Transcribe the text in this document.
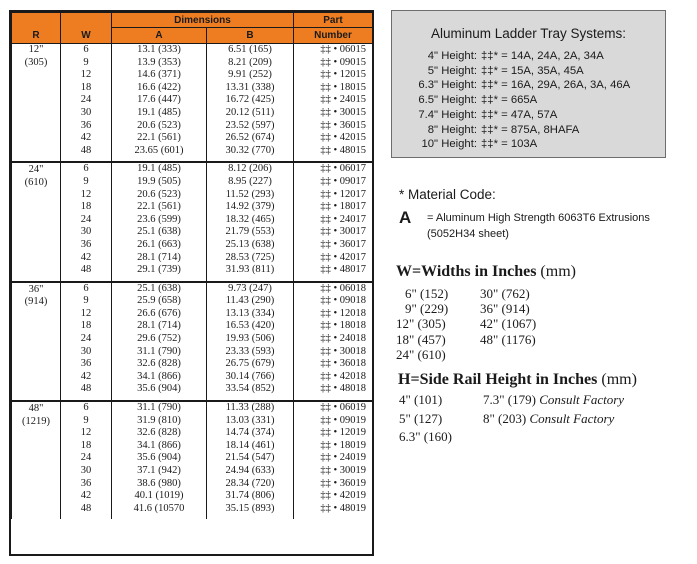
R	W	Dimensions		Part
		A	B	Number

12"
(305)	6	13.1 (333)	6.51 (165)	‡‡ • 06015
	9	13.9 (353)	8.21 (209)	‡‡ • 09015
	12	14.6 (371)	9.91 (252)	‡‡ • 12015
	18	16.6 (422)	13.31 (338)	‡‡ • 18015
	24	17.6 (447)	16.72 (425)	‡‡ • 24015
	30	19.1 (485)	20.12 (511)	‡‡ • 30015
	36	20.6 (523)	23.52 (597)	‡‡ • 36015
	42	22.1 (561)	26.52 (674)	‡‡ • 42015
	48	23.65 (601)	30.32 (770)	‡‡ • 48015

24"
(610)	6	19.1 (485)	8.12 (206)	‡‡ • 06017
	9	19.9 (505)	8.95 (227)	‡‡ • 09017
	12	20.6 (523)	11.52 (293)	‡‡ • 12017
	18	22.1 (561)	14.92 (379)	‡‡ • 18017
	24	23.6 (599)	18.32 (465)	‡‡ • 24017
	30	25.1 (638)	21.79 (553)	‡‡ • 30017
	36	26.1 (663)	25.13 (638)	‡‡ • 36017
	42	28.1 (714)	28.53 (725)	‡‡ • 42017
	48	29.1 (739)	31.93 (811)	‡‡ • 48017

36"
(914)	6	25.1 (638)	9.73 (247)	‡‡ • 06018
	9	25.9 (658)	11.43 (290)	‡‡ • 09018
	12	26.6 (676)	13.13 (334)	‡‡ • 12018
	18	28.1 (714)	16.53 (420)	‡‡ • 18018
	24	29.6 (752)	19.93 (506)	‡‡ • 24018
	30	31.1 (790)	23.33 (593)	‡‡ • 30018
	36	32.6 (828)	26.75 (679)	‡‡ • 36018
	42	34.1 (866)	30.14 (766)	‡‡ • 42018
	48	35.6 (904)	33.54 (852)	‡‡ • 48018

48"
(1219)	6	31.1 (790)	11.33 (288)	‡‡ • 06019
	9	31.9 (810)	13.03 (331)	‡‡ • 09019
	12	32.6 (828)	14.74 (374)	‡‡ • 12019
	18	34.1 (866)	18.14 (461)	‡‡ • 18019
	24	35.6 (904)	21.54 (547)	‡‡ • 24019
	30	37.1 (942)	24.94 (633)	‡‡ • 30019
	36	38.6 (980)	28.34 (720)	‡‡ • 36019
	42	40.1 (1019)	31.74 (806)	‡‡ • 42019
	48	41.6 (10570	35.15 (893)	‡‡ • 48019

Aluminum Ladder Tray Systems:
4" Height: ‡‡* = 14A, 24A, 2A, 34A
5" Height: ‡‡* = 15A, 35A, 45A
6.3" Height: ‡‡* = 16A, 29A, 26A, 3A, 46A
6.5" Height: ‡‡* = 665A
7.4" Height: ‡‡* = 47A, 57A
8" Height: ‡‡* = 875A, 8HAFA
10" Height: ‡‡* = 103A
* Material Code:
A = Aluminum High Strength 6063T6 Extrusions
(5052H34 sheet)
W=Widths in Inches (mm)
6" (152)
9" (229)
12" (305)
18" (457)
24" (610)
30" (762)
36" (914)
42" (1067)
48" (1176)
H=Side Rail Height in Inches (mm)
4" (101)	7.3" (179) Consult Factory
5" (127)	8" (203) Consult Factory
6.3" (160)
